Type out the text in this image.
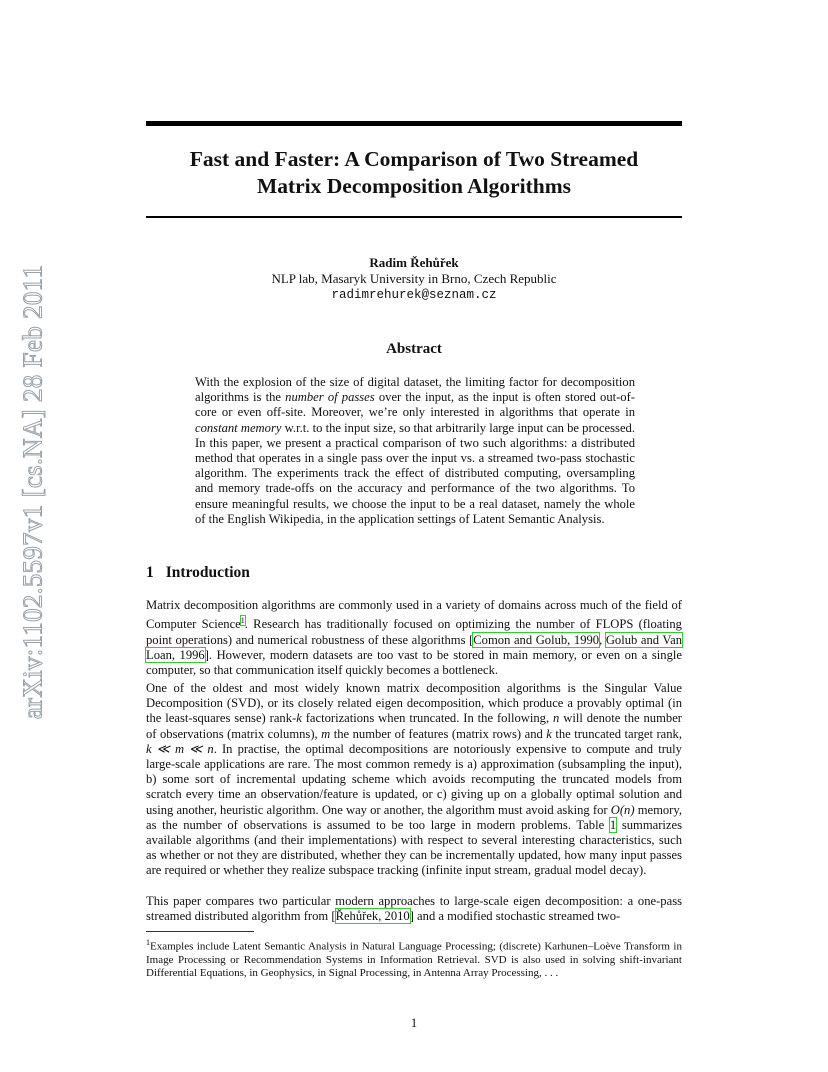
arXiv:1102.5597v1 [cs.NA] 28 Feb 2011
Fast and Faster: A Comparison of Two Streamed
Matrix Decomposition Algorithms
Radim Řehůřek
NLP lab, Masaryk University in Brno, Czech Republic
radimrehurek@seznam.cz
Abstract

With the explosion of the size of digital dataset, the limiting factor for decomposition algorithms is the number of passes over the input, as the input is often stored out-of-core or even off-site. Moreover, we’re only interested in algorithms that operate in constant memory w.r.t. to the input size, so that arbitrarily large input can be processed. In this paper, we present a practical comparison of two such algorithms: a distributed method that operates in a single pass over the input vs. a streamed two-pass stochastic algorithm. The experiments track the effect of distributed computing, oversampling and memory trade-offs on the accuracy and performance of the two algorithms. To ensure meaningful results, we choose the input to be a real dataset, namely the whole of the English Wikipedia, in the application settings of Latent Semantic Analysis.

1 Introduction

Matrix decomposition algorithms are commonly used in a variety of domains across much of the field of Computer Science$^1$. Research has traditionally focused on optimizing the number of FLOPS (floating point operations) and numerical robustness of these algorithms [Comon and Golub, 1990, Golub and Van Loan, 1996]. However, modern datasets are too vast to be stored in main memory, or even on a single computer, so that communication itself quickly becomes a bottleneck.

One of the oldest and most widely known matrix decomposition algorithms is the Singular Value Decomposition (SVD), or its closely related eigen decomposition, which produce a provably optimal (in the least-squares sense) rank-k factorizations when truncated. In the following, n will denote the number of observations (matrix columns), m the number of features (matrix rows) and k the truncated target rank, k ≪ m ≪ n. In practise, the optimal decompositions are notoriously expensive to compute and truly large-scale applications are rare. The most common remedy is a) approximation (subsampling the input), b) some sort of incremental updating scheme which avoids recomputing the truncated models from scratch every time an observation/feature is updated, or c) giving up on a globally optimal solution and using another, heuristic algorithm. One way or another, the algorithm must avoid asking for O(n) memory, as the number of observations is assumed to be too large in modern problems. Table 1 summarizes available algorithms (and their implementations) with respect to several interesting characteristics, such as whether or not they are distributed, whether they can be incrementally updated, how many input passes are required or whether they realize subspace tracking (infinite input stream, gradual model decay).

This paper compares two particular modern approaches to large-scale eigen decomposition: a one-pass streamed distributed algorithm from [Řehůřek, 2010] and a modified stochastic streamed two-

$^1$Examples include Latent Semantic Analysis in Natural Language Processing; (discrete) Karhunen–Loève Transform in Image Processing or Recommendation Systems in Information Retrieval. SVD is also used in solving shift-invariant Differential Equations, in Geophysics, in Signal Processing, in Antenna Array Processing, . . .

1
